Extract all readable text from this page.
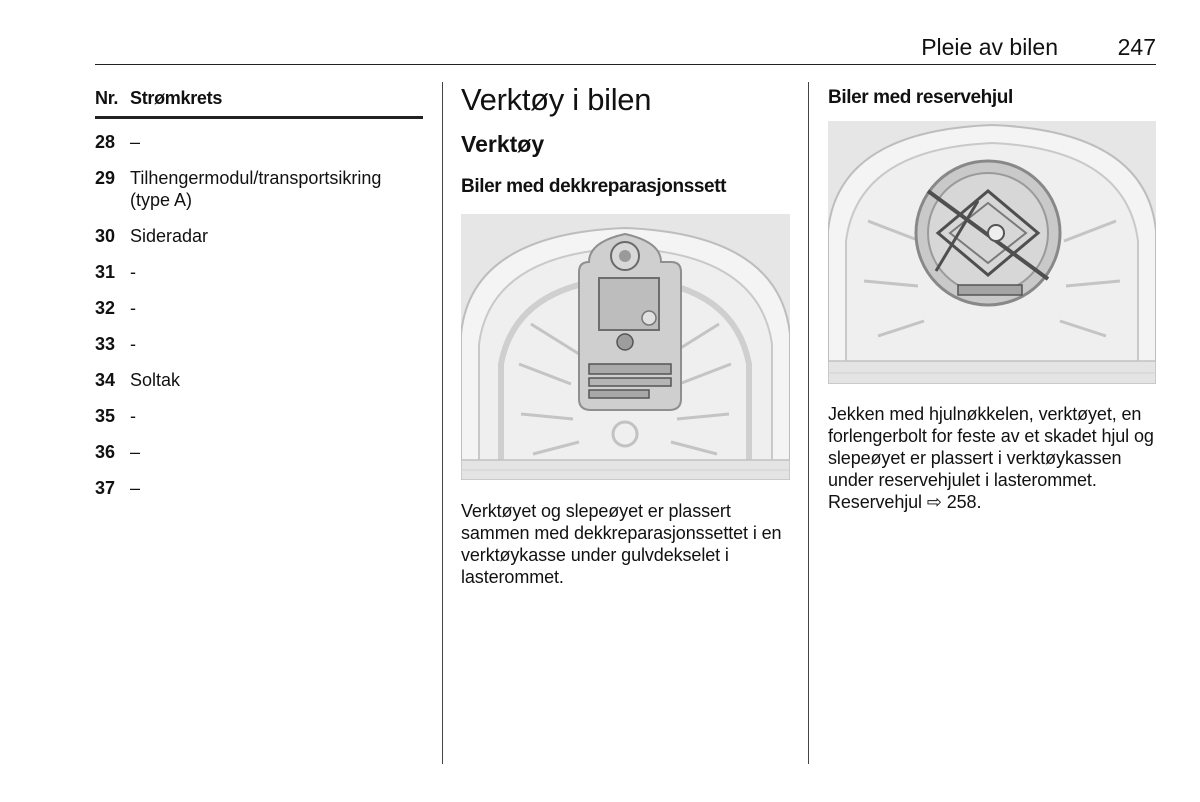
Pleie av bilen	247
Nr. Strømkrets
28 –
29 Tilhengermodul/transportsikring (type A)
30 Sideradar
31 -
32 -
33 -
34 Soltak
35 -
36 –
37 –
Verktøy i bilen
Verktøy
Biler med dekkreparasjonssett
Verktøyet og slepeøyet er plassert sammen med dekkreparasjonssettet i en verktøykasse under gulvdekselet i lasterommet.
Biler med reservehjul
Jekken med hjulnøkkelen, verktøyet, en forlengerbolt for feste av et skadet hjul og slepeøyet er plassert i verktøykassen under reservehjulet i lasterommet. Reservehjul ⇨ 258.
